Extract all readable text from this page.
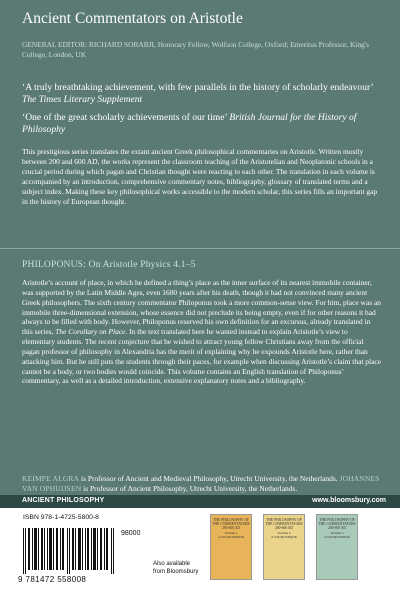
Ancient Commentators on Aristotle
GENERAL EDITOR: RICHARD SORABJI, Honorary Fellow, Wolfson College, Oxford; Emeritus Professor, King's College, London, UK
‘A truly breathtaking achievement, with few parallels in the history of scholarly endeavour’ The Times Literary Supplement
‘One of the great scholarly achievements of our time’ British Journal for the History of Philosophy
This prestigious series translates the extant ancient Greek philosophical commentaries on Aristotle. Written mostly between 200 and 600 AD, the works represent the classroom teaching of the Aristotelian and Neoplatonic schools in a crucial period during which pagan and Christian thought were reacting to each other. The translation in each volume is accompanied by an introduction, comprehensive commentary notes, bibliography, glossary of translated terms and a subject index. Making these key philosophical works accessible to the modern scholar, this series fills an important gap in the history of European thought.
PHILOPONUS: On Aristotle Physics 4.1–5
Aristotle’s account of place, in which he defined a thing’s place as the inner surface of its nearest immobile container, was supported by the Latin Middle Ages, even 1600 years after his death, though it had not convinced many ancient Greek philosophers. The sixth century commentator Philoponus took a more common-sense view. For him, place was an immobile three-dimensional extension, whose essence did not preclude its being empty, even if for other reasons it had always to be filled with body. However, Philoponus reserved his own definition for an excursus, already translated in this series, The Corollary on Place. In the text translated here he wanted instead to explain Aristotle’s view to elementary students. The recent conjecture that he wished to attract young fellow Christians away from the official pagan professor of philosophy in Alexandria has the merit of explaining why he expounds Aristotle here, rather than attacking him. But he still puts the students through their paces, for example when discussing Aristotle’s claim that place cannot be a body, or two bodies would coincide. This volume contains an English translation of Philoponus’ commentary, as well as a detailed introduction, extensive explanatory notes and a bibliography.
KEIMPE ALGRA is Professor of Ancient and Medieval Philosophy, Utrecht University, the Netherlands. JOHANNES VAN OPHUIJSEN is Professor of Ancient Philosophy, Utrecht University, the Netherlands.
ANCIENT PHILOSOPHY	www.bloomsbury.com
ISBN 978-1-4725-5800-8
98000
9 781472 558008
Also available from Bloomsbury
THE PHILOSOPHY OF THE COMMENTATORS 200-600 AD
Volume 1
A SOURCEBOOK
THE PHILOSOPHY OF THE COMMENTATORS 200-600 AD
Volume 2
A SOURCEBOOK
THE PHILOSOPHY OF THE COMMENTATORS 200-600 AD
Volume 3
A SOURCEBOOK
